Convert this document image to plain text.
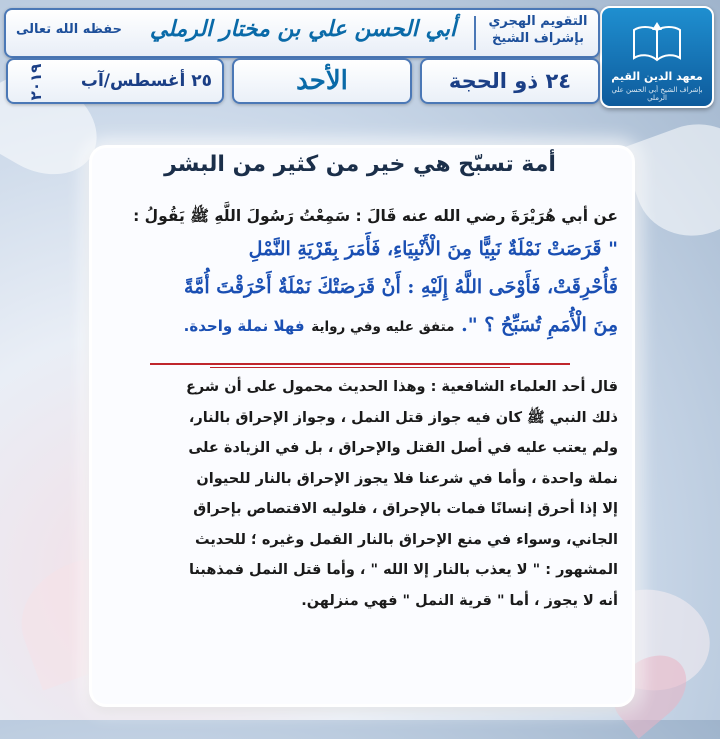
معهد الدين القيم
بإشراف الشيخ أبي الحسن علي الرملي
التقويم الهجري بإشراف الشيخ
أبي الحسن علي بن مختار الرملي
حفظه الله تعالى
٢٤ ذو الحجة
الأحد
٢٥ أغسطس/آب
٢٠١٩
أمة تسبّح هي خير من كثير من البشر
عن أبي هُرَيْرَةَ رضي الله عنه قَالَ : سَمِعْتُ رَسُولَ اللَّهِ ﷺ يَقُولُ :
" قَرَصَتْ نَمْلَةٌ نَبِيًّا مِنَ الْأَنْبِيَاءِ، فَأَمَرَ بِقَرْيَةِ النَّمْلِ
فَأُحْرِقَتْ، فَأَوْحَى اللَّهُ إِلَيْهِ : أَنْ قَرَصَتْكَ نَمْلَةٌ أَحْرَقْتَ أُمَّةً
مِنَ الْأُمَمِ تُسَبِّحُ ؟ ". متفق عليه وفي رواية فهلا نملة واحدة.
قال أحد العلماء الشافعية : وهذا الحديث محمول على أن شرع
ذلك النبي ﷺ كان فيه جواز قتل النمل ، وجواز الإحراق بالنار،
ولم يعتب عليه في أصل القتل والإحراق ، بل في الزيادة على
نملة واحدة ، وأما في شرعنا فلا يجوز الإحراق بالنار للحيوان
إلا إذا أحرق إنسانًا فمات بالإحراق ، فلوليه الاقتصاص بإحراق
الجاني، وسواء في منع الإحراق بالنار القمل وغيره ؛ للحديث
المشهور : " لا يعذب بالنار إلا الله " ، وأما قتل النمل فمذهبنا
أنه لا يجوز ، أما " قرية النمل " فهي منزلهن.
